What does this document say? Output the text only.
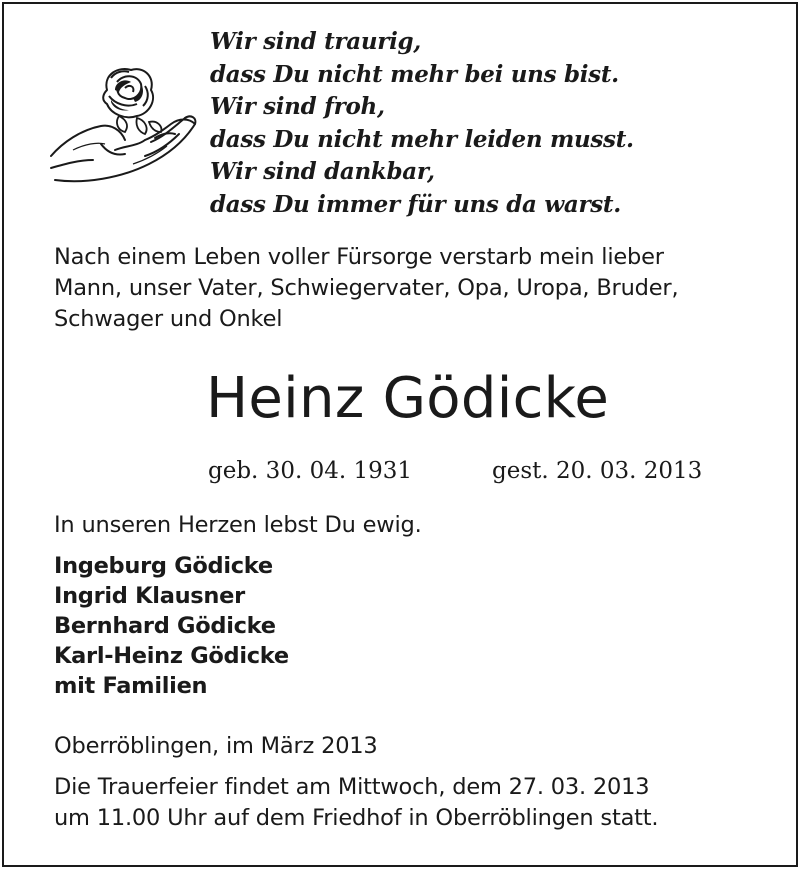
Wir sind traurig,
dass Du nicht mehr bei uns bist.
Wir sind froh,
dass Du nicht mehr leiden musst.
Wir sind dankbar,
dass Du immer für uns da warst.

Nach einem Leben voller Fürsorge verstarb mein lieber
Mann, unser Vater, Schwiegervater, Opa, Uropa, Bruder,
Schwager und Onkel

Heinz Gödicke
geb. 30. 04. 1931	gest. 20. 03. 2013
In unseren Herzen lebst Du ewig.
Ingeburg Gödicke
Ingrid Klausner
Bernhard Gödicke
Karl-Heinz Gödicke
mit Familien
Oberröblingen, im März 2013

Die Trauerfeier findet am Mittwoch, dem 27. 03. 2013
um 11.00 Uhr auf dem Friedhof in Oberröblingen statt.
